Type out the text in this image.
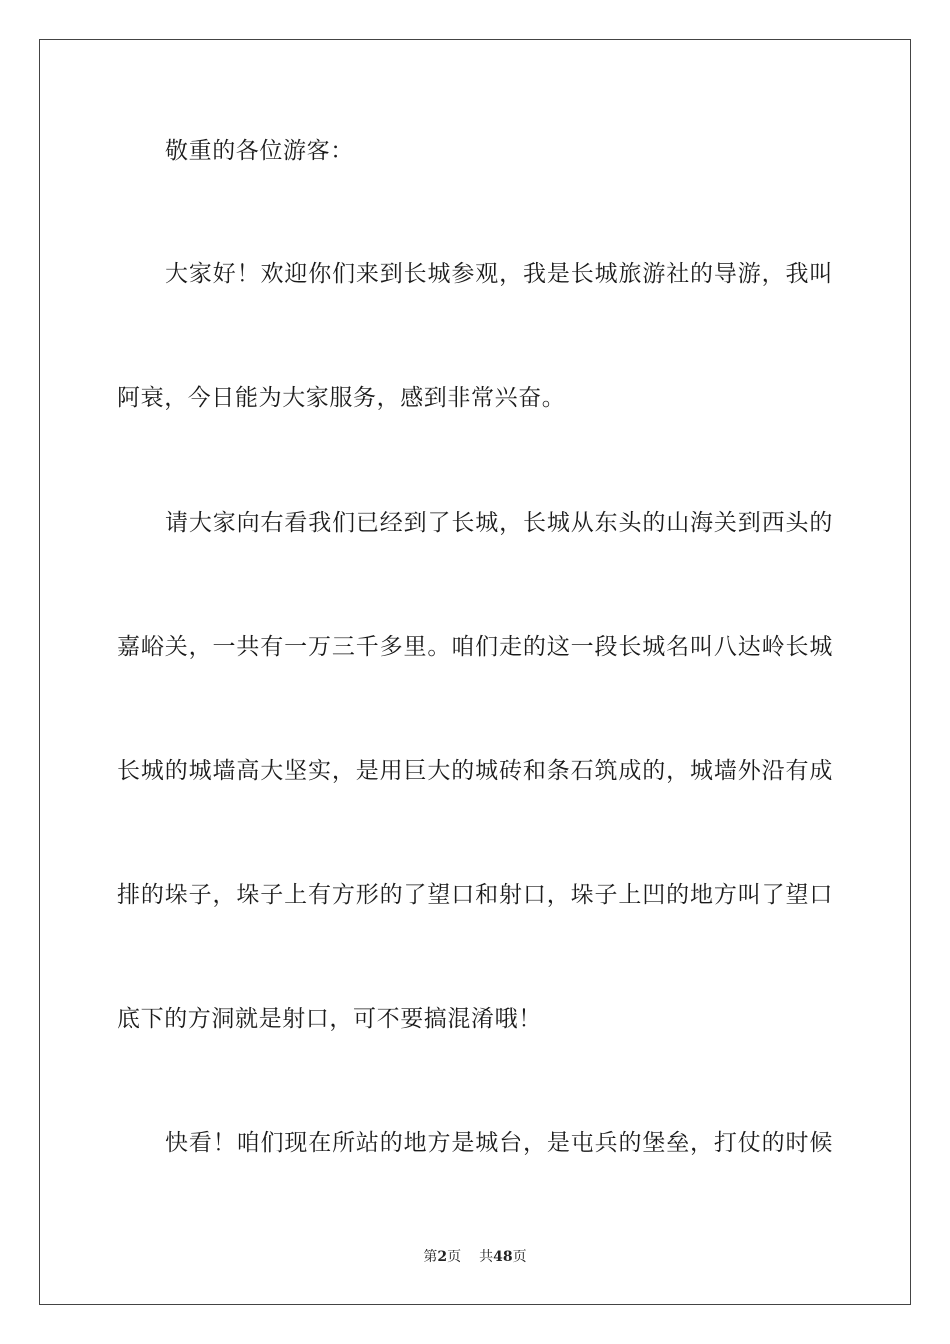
敬重的各位游客：
大家好！欢迎你们来到长城参观，我是长城旅游社的导游，我叫
阿衰，今日能为大家服务，感到非常兴奋。
请大家向右看我们已经到了长城，长城从东头的山海关到西头的
嘉峪关，一共有一万三千多里。咱们走的这一段长城名叫八达岭长城
长城的城墙高大坚实，是用巨大的城砖和条石筑成的，城墙外沿有成
排的垛子，垛子上有方形的了望口和射口，垛子上凹的地方叫了望口
底下的方洞就是射口，可不要搞混淆哦！
快看！咱们现在所站的地方是城台，是屯兵的堡垒，打仗的时候
第2页 共48页
